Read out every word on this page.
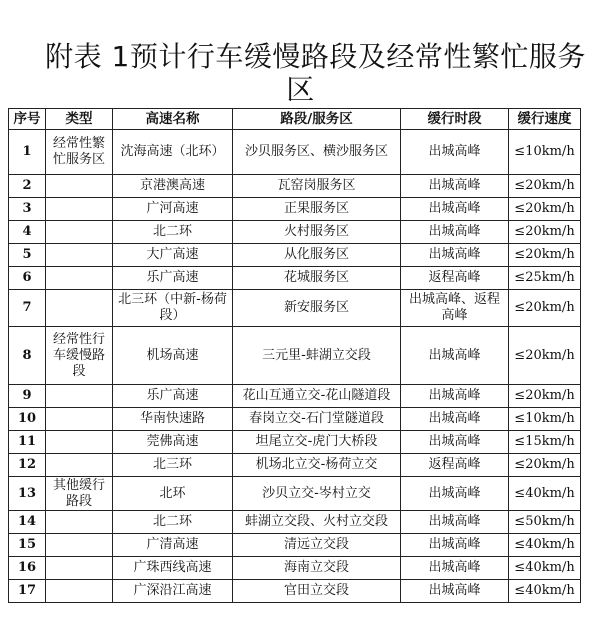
附表 1预计行车缓慢路段及经常性繁忙服务
区
序号	类型	高速名称	路段/服务区	缓行时段	缓行速度
1	经常性繁忙服务区	沈海高速（北环）	沙贝服务区、横沙服务区	出城高峰	≤10km/h
2		京港澳高速	瓦窑岗服务区	出城高峰	≤20km/h
3		广河高速	正果服务区	出城高峰	≤20km/h
4		北二环	火村服务区	出城高峰	≤20km/h
5		大广高速	从化服务区	出城高峰	≤20km/h
6		乐广高速	花城服务区	返程高峰	≤25km/h
7		北三环（中新-杨荷段）	新安服务区	出城高峰、返程高峰	≤20km/h
8	经常性行车缓慢路段	机场高速	三元里-蚌湖立交段	出城高峰	≤20km/h
9		乐广高速	花山互通立交-花山隧道段	出城高峰	≤20km/h
10		华南快速路	春岗立交-石门堂隧道段	出城高峰	≤10km/h
11		莞佛高速	坦尾立交-虎门大桥段	出城高峰	≤15km/h
12		北三环	机场北立交-杨荷立交	返程高峰	≤20km/h
13	其他缓行路段	北环	沙贝立交-岑村立交	出城高峰	≤40km/h
14		北二环	蚌湖立交段、火村立交段	出城高峰	≤50km/h
15		广清高速	清远立交段	出城高峰	≤40km/h
16		广珠西线高速	海南立交段	出城高峰	≤40km/h
17		广深沿江高速	官田立交段	出城高峰	≤40km/h
